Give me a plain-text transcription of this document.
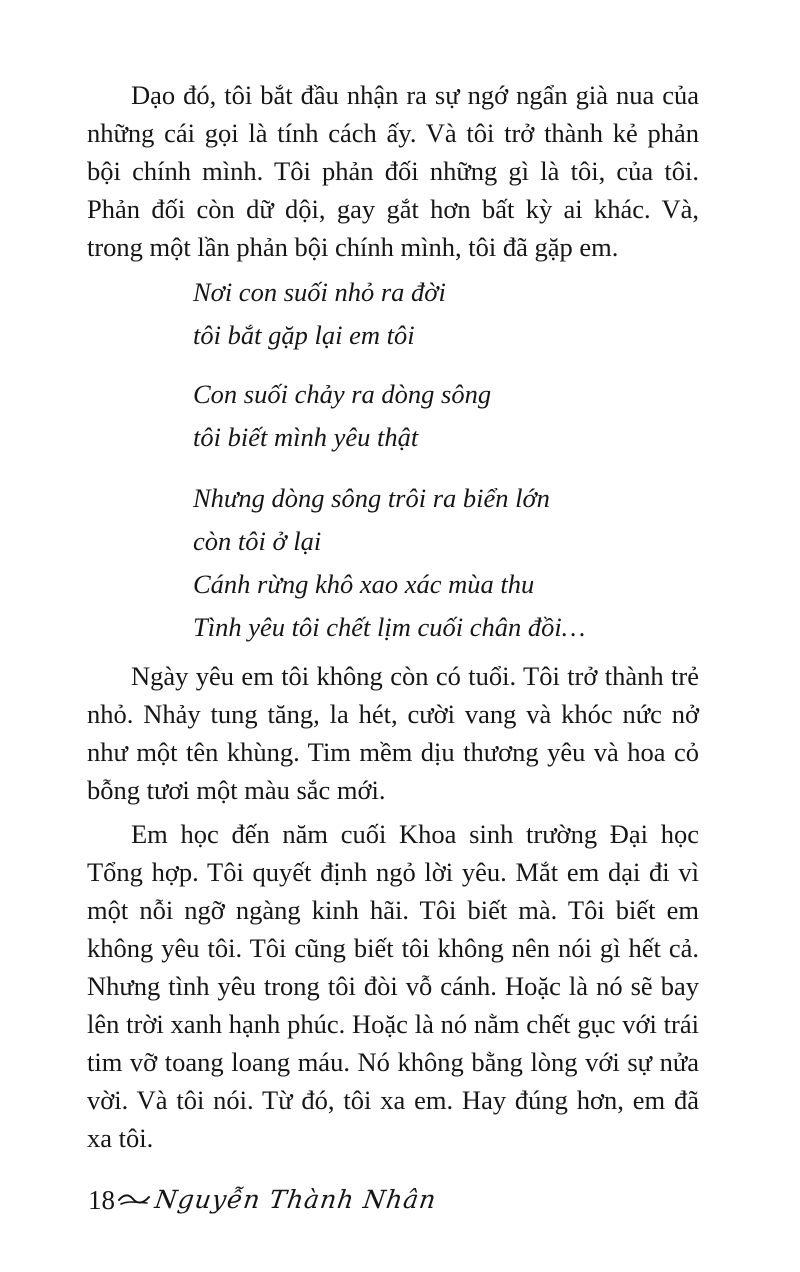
Dạo đó, tôi bắt đầu nhận ra sự ngớ ngẩn già nua của những cái gọi là tính cách ấy. Và tôi trở thành kẻ phản bội chính mình. Tôi phản đối những gì là tôi, của tôi. Phản đối còn dữ dội, gay gắt hơn bất kỳ ai khác. Và, trong một lần phản bội chính mình, tôi đã gặp em.

Nơi con suối nhỏ ra đời
tôi bắt gặp lại em tôi
Con suối chảy ra dòng sông
tôi biết mình yêu thật
Nhưng dòng sông trôi ra biển lớn
còn tôi ở lại
Cánh rừng khô xao xác mùa thu
Tình yêu tôi chết lịm cuối chân đồi…

Ngày yêu em tôi không còn có tuổi. Tôi trở thành trẻ nhỏ. Nhảy tung tăng, la hét, cười vang và khóc nức nở như một tên khùng. Tim mềm dịu thương yêu và hoa cỏ bỗng tươi một màu sắc mới.

Em học đến năm cuối Khoa sinh trường Đại học Tổng hợp. Tôi quyết định ngỏ lời yêu. Mắt em dại đi vì một nỗi ngỡ ngàng kinh hãi. Tôi biết mà. Tôi biết em không yêu tôi. Tôi cũng biết tôi không nên nói gì hết cả. Nhưng tình yêu trong tôi đòi vỗ cánh. Hoặc là nó sẽ bay lên trời xanh hạnh phúc. Hoặc là nó nằm chết gục với trái tim vỡ toang loang máu. Nó không bằng lòng với sự nửa vời. Và tôi nói. Từ đó, tôi xa em. Hay đúng hơn, em đã xa tôi.

18 Nguyễn Thành Nhân
